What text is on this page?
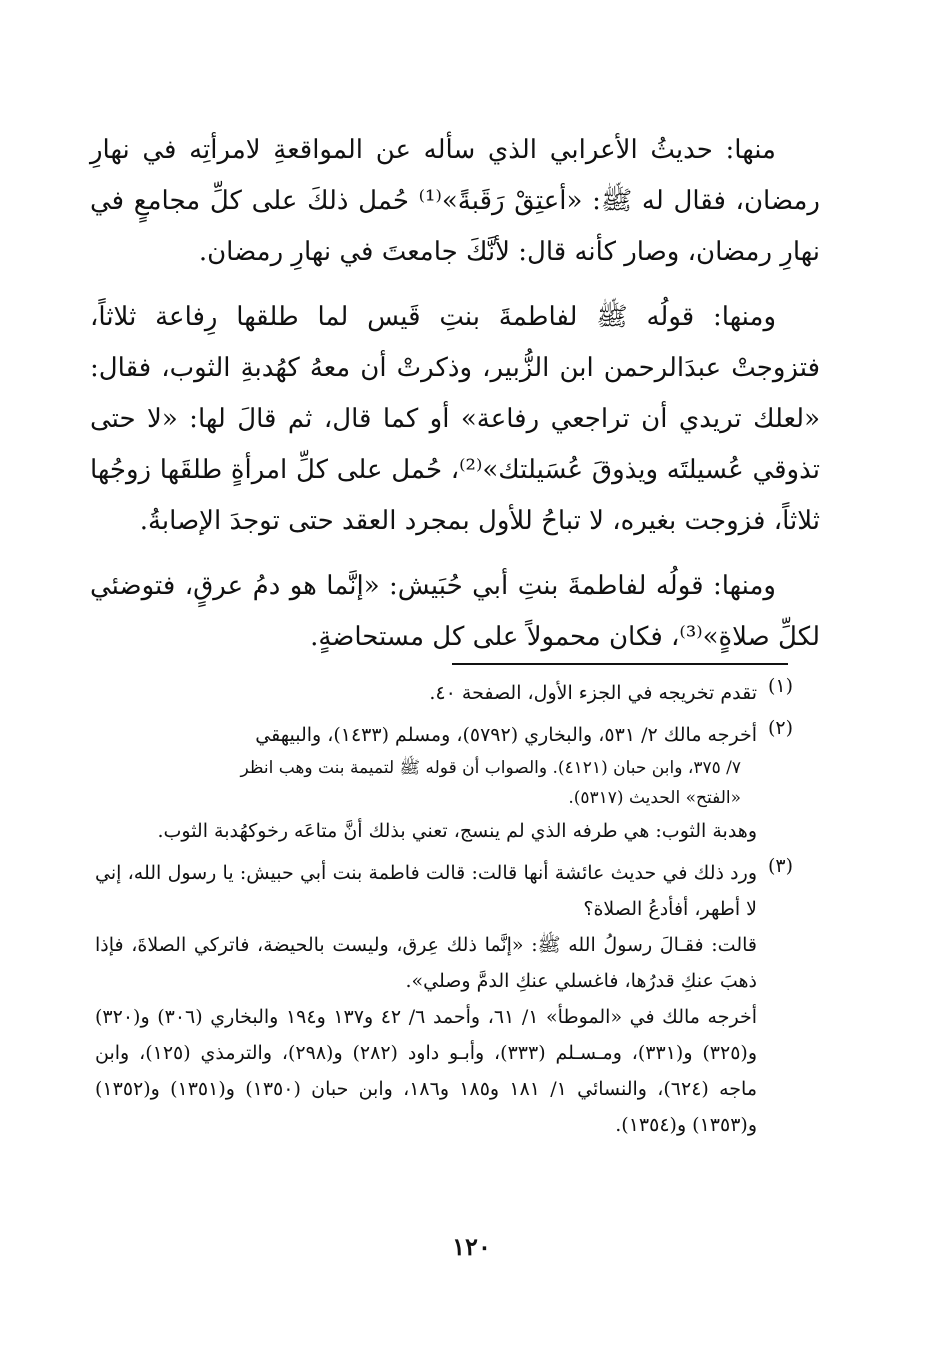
منها: حديثُ الأعرابي الذي سأله عن المواقعةِ لامرأتِه في نهارِ رمضان، فقال له ﷺ: «أعتِقْ رَقَبةً»⁽¹⁾ حُمل ذلكَ على كلِّ مجامعٍ في نهارِ رمضان، وصار كأنه قال: لأنَّكَ جامعتَ في نهارِ رمضان.

ومنها: قولُه ﷺ لفاطمةَ بنتِ قَيس لما طلقها رِفاعة ثلاثاً، فتزوجتْ عبدَالرحمن ابن الزُّبير، وذكرتْ أن معهُ كهُدبةِ الثوب، فقال: «لعلك تريدي أن تراجعي رفاعة» أو كما قال، ثم قالَ لها: «لا حتى تذوقي عُسيلتَه ويذوقَ عُسَيلتك»⁽²⁾، حُمل على كلِّ امرأةٍ طلقَها زوجُها ثلاثاً، فزوجت بغيره، لا تباحُ للأول بمجرد العقد حتى توجدَ الإصابةُ.

ومنها: قولُه لفاطمةَ بنتِ أبي حُبَيش: «إنَّما هو دمُ عرقٍ، فتوضئي لكلِّ صلاةٍ»⁽³⁾، فكان محمولاً على كل مستحاضةٍ.

(١)
تقدم تخريجه في الجزء الأول، الصفحة ٤٠.
(٢)
أخرجه مالك ٢/ ٥٣١، والبخاري (٥٧٩٢)، ومسلم (١٤٣٣)، والبيهقي
٧/ ٣٧٥، وابن حبان (٤١٢١). والصواب أن قوله ﷺ لتميمة بنت وهب انظر
«الفتح» الحديث (٥٣١٧).
وهدبة الثوب: هي طرفه الذي لم ينسج، تعني بذلك أنَّ متاعَه رخوكهُدبة الثوب.
(٣)
ورد ذلك في حديث عائشة أنها قالت: قالت فاطمة بنت أبي حبيش: يا رسول الله، إني لا أطهر، أفأدعُ الصلاة؟
قالت: فقـالَ رسولُ الله ﷺ: «إنَّما ذلك عِرق، وليست بالحيضة، فاتركي الصلاةَ، فإذا ذهبَ عنكِ قدرُها، فاغسلي عنكِ الدمَّ وصلي».
أخرجه مالك في «الموطأ» ١/ ٦١، وأحمد ٦/ ٤٢ و١٣٧ و١٩٤ والبخاري (٣٠٦) و(٣٢٠) و(٣٢٥) و(٣٣١)، ومـسـلم (٣٣٣)، وأبـو داود (٢٨٢) و(٢٩٨)، والترمذي (١٢٥)، وابن ماجه (٦٢٤)، والنسائي ١/ ١٨١ و١٨٥ و١٨٦، وابن حبان (١٣٥٠) و(١٣٥١) و(١٣٥٢) و(١٣٥٣) و(١٣٥٤).
١٢٠
